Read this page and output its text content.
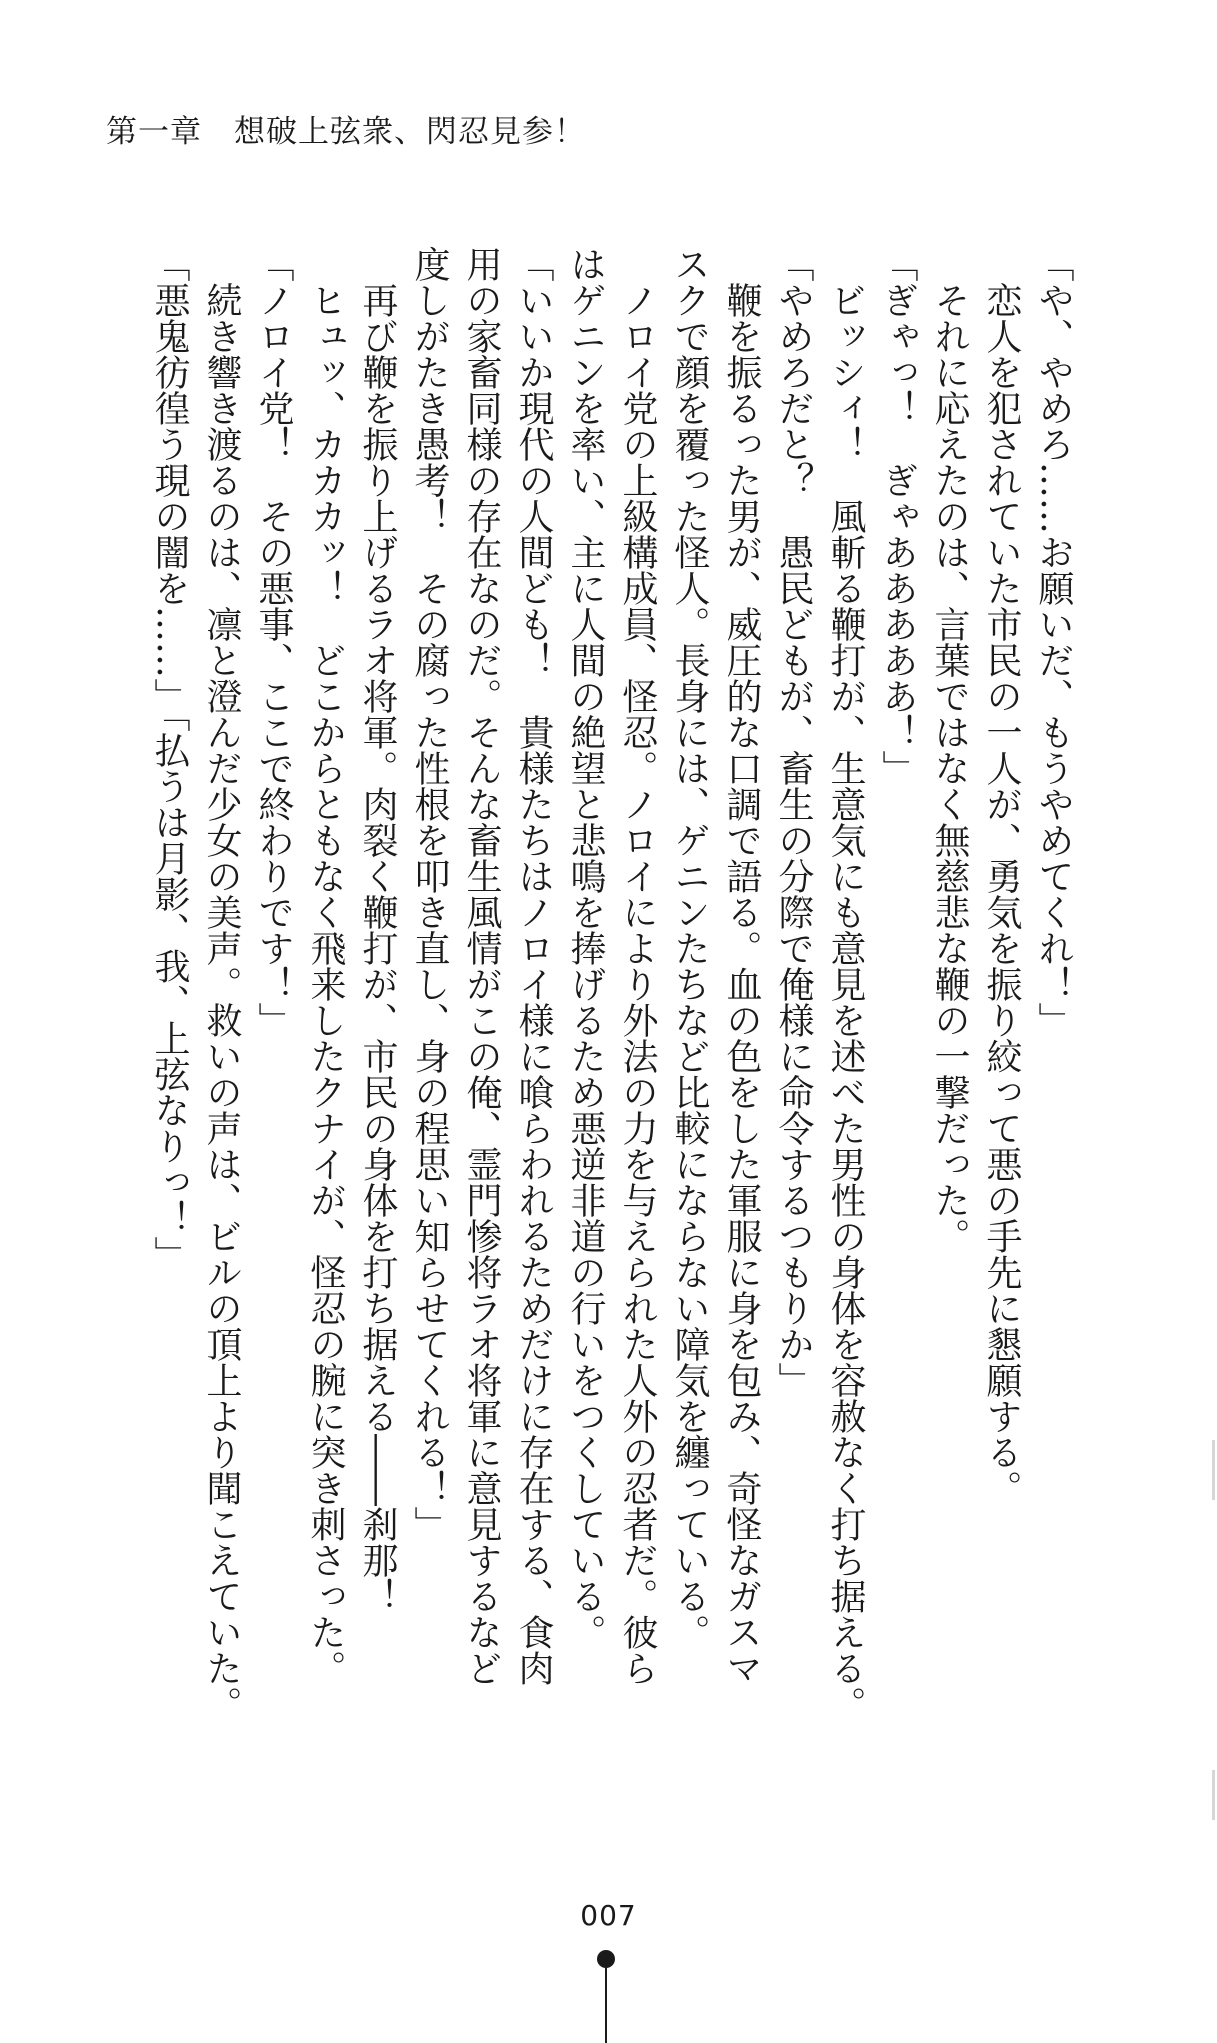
第一章　想破上弦衆、閃忍見参！

「や、やめろ……お願いだ、もうやめてくれ！」

　恋人を犯されていた市民の一人が、勇気を振り絞って悪の手先に懇願する。

　それに応えたのは、言葉ではなく無慈悲な鞭の一撃だった。

「ぎゃっ！　ぎゃあああああ！」

　ビッシィ！　風斬る鞭打が、生意気にも意見を述べた男性の身体を容赦なく打ち据える。

「やめろだと？　愚民どもが、畜生の分際で俺様に命令するつもりか」

　鞭を振るった男が、威圧的な口調で語る。血の色をした軍服に身を包み、奇怪なガスマ

スクで顔を覆った怪人。長身には、ゲニンたちなど比較にならない障気を纏っている。

　ノロイ党の上級構成員、怪忍。ノロイにより外法の力を与えられた人外の忍者だ。彼ら

はゲニンを率い、主に人間の絶望と悲鳴を捧げるため悪逆非道の行いをつくしている。

「いいか現代の人間ども！　貴様たちはノロイ様に喰らわれるためだけに存在する、食肉

用の家畜同様の存在なのだ。そんな畜生風情がこの俺、霊門惨将ラオ将軍に意見するなど

度しがたき愚考！　その腐った性根を叩き直し、身の程思い知らせてくれる！」

　再び鞭を振り上げるラオ将軍。肉裂く鞭打が、市民の身体を打ち据える――刹那！

　ヒュッ、カカカッ！　どこからともなく飛来したクナイが、怪忍の腕に突き刺さった。

「ノロイ党！　その悪事、ここで終わりです！」

　続き響き渡るのは、凛と澄んだ少女の美声。救いの声は、ビルの頂上より聞こえていた。

「悪鬼彷徨う現の闇を……」「払うは月影、我、上弦なりっ！」

007
